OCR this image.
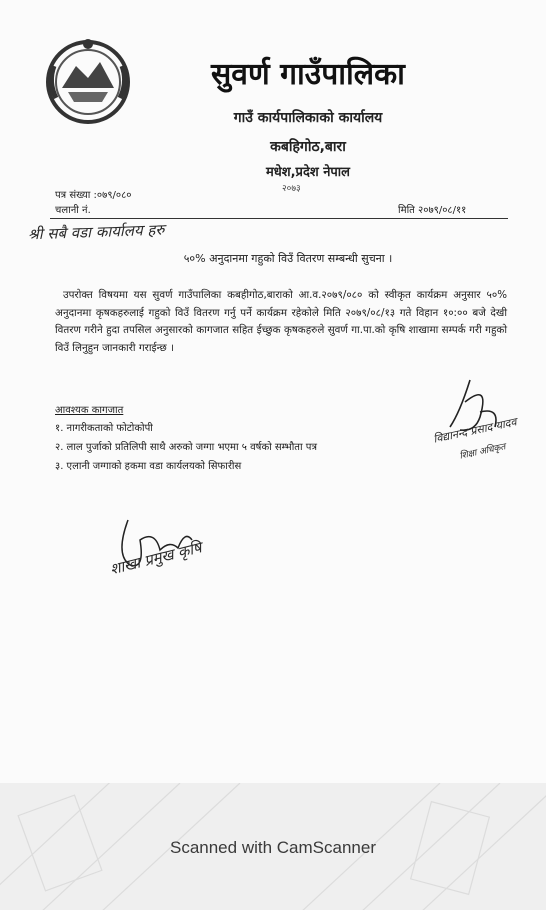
सुवर्ण गाउँपालिका
गाउँ कार्यपालिकाको कार्यालय
कबहिगोठ,बारा
मधेश,प्रदेश नेपाल
२०७३
पत्र संख्या :०७९/०८०
चलानी नं.	मिति २०७९/०८/११
श्री सबै वडा कार्यालय हरु
५०% अनुदानमा गहुको विउँ वितरण सम्बन्धी सुचना ।
उपरोक्त विषयमा यस सुवर्ण गाउँपालिका कबहीगोठ,बाराको आ.व.२०७९/०८० को स्वीकृत कार्यक्रम अनुसार ५०% अनुदानमा कृषकहरुलाई गहुको विउँ वितरण गर्नु पर्ने कार्यक्रम रहेकोले मिति २०७९/०८/१३ गते विहान १०:०० बजे देखी वितरण गरीने हुदा तपसिल अनुसारको कागजात सहित ईच्छुक कृषकहरुले सुवर्ण गा.पा.को कृषि शाखामा सम्पर्क गरी गहुको विउँ लिनुहुन जानकारी गराईन्छ ।
आवश्यक कागजात
१. नागरीकताको फोटोकोपी
२. लाल पुर्जाको प्रतिलिपी साथै अरुको जग्गा भएमा ५ वर्षको सम्भौता पत्र
३. एलानी जग्गाको हकमा वडा कार्यलयको सिफारीस
विद्यानन्द प्रसाद यादव
शिक्षा अधिकृत
शाखा प्रमुख कृषि
Scanned with CamScanner
